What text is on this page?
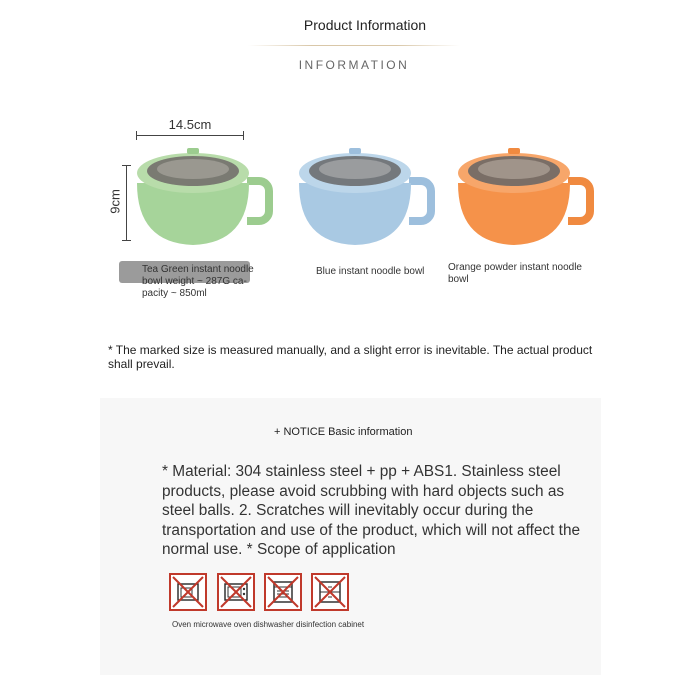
Product Information
INFORMATION
14.5cm
9cm
Tea Green instant noodle bowl weight ~ 287G ca-pacity ~ 850ml
Blue instant noodle bowl	Orange powder instant noodle bowl
* The marked size is measured manually, and a slight error is inevitable. The actual product shall prevail.
+ NOTICE Basic information
* Material: 304 stainless steel + pp + ABS1. Stainless steel products, please avoid scrubbing with hard objects such as steel balls. 2. Scratches will inevitably occur during the transportation and use of the product, which will not affect the normal use. * Scope of application
Oven microwave oven dishwasher disinfection cabinet
